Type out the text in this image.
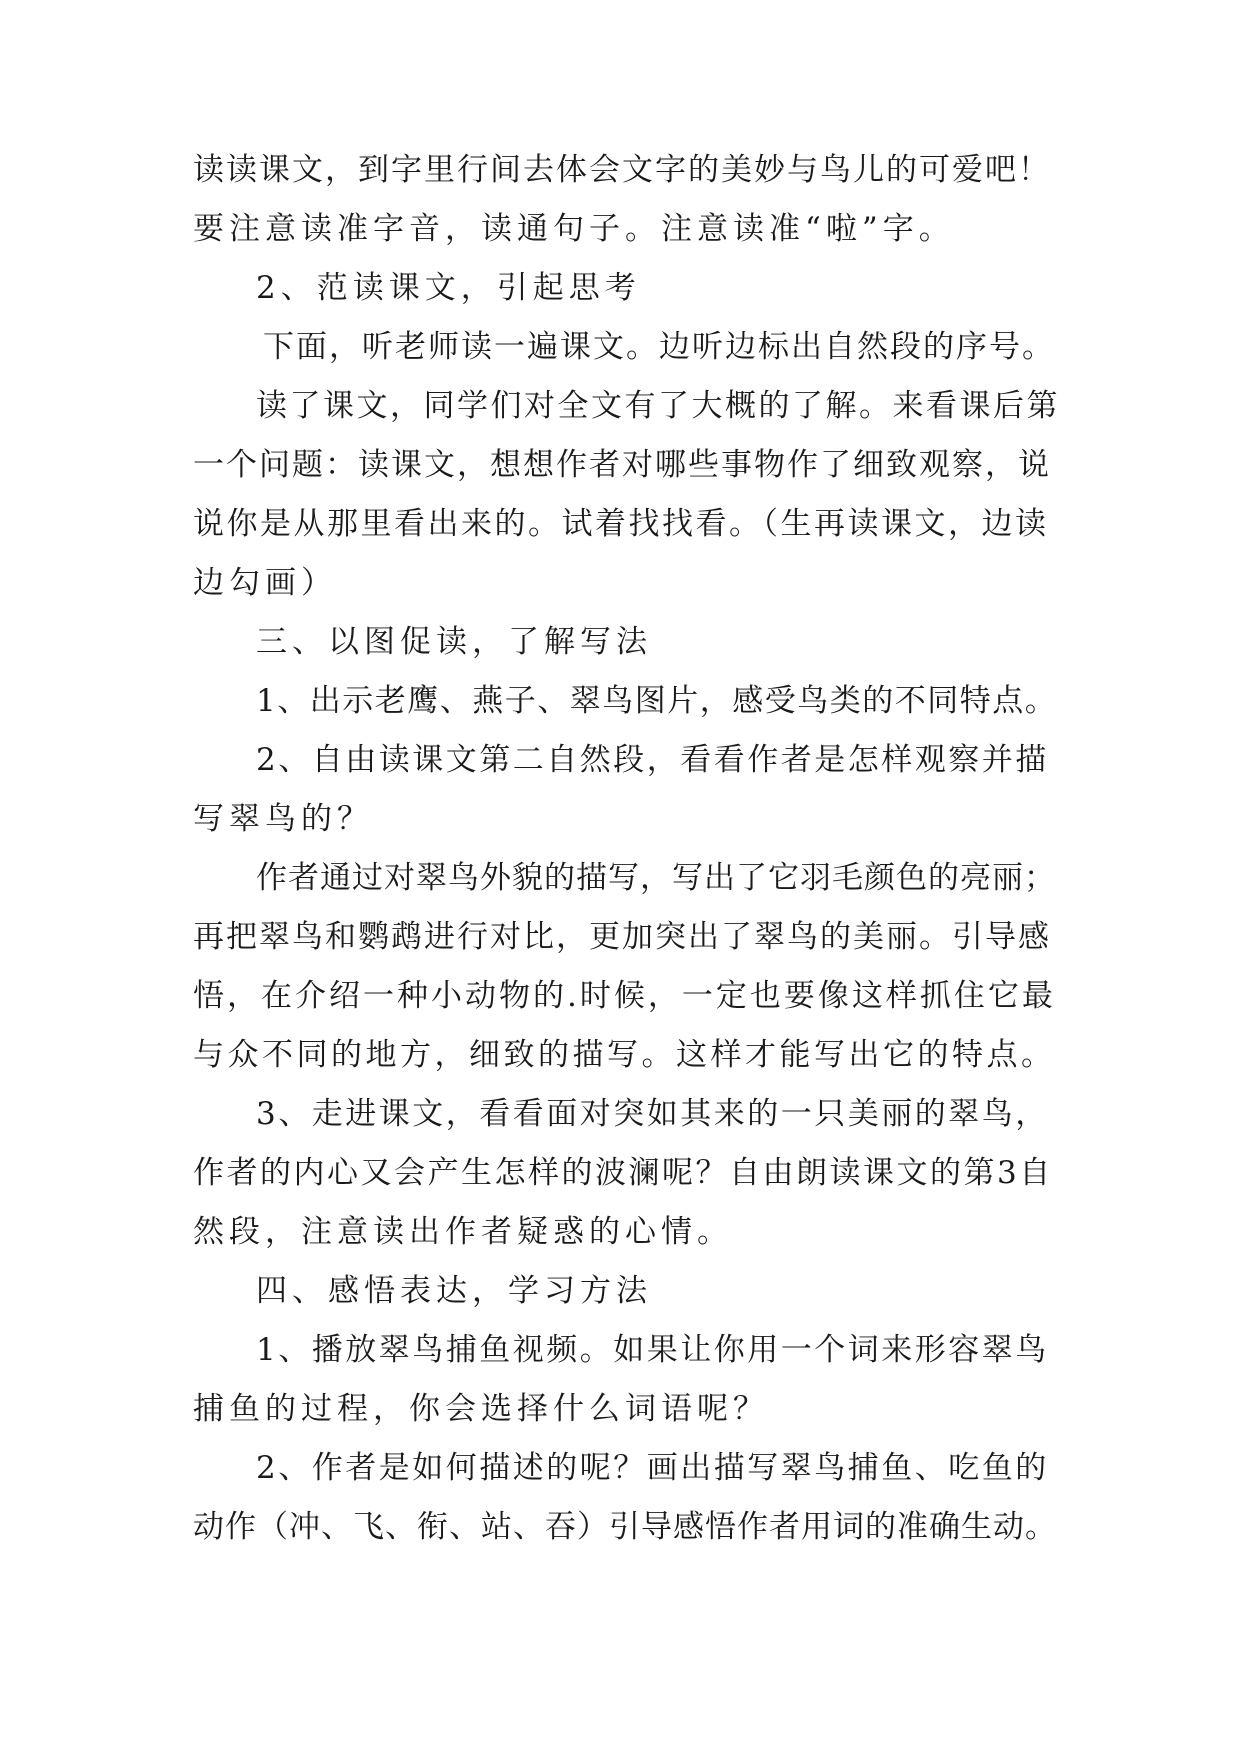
读读课文，到字里行间去体会文字的美妙与鸟儿的可爱吧！
要注意读准字音，读通句子。注意读准“啦”字。
2、范读课文，引起思考
下面，听老师读一遍课文。边听边标出自然段的序号。
读了课文，同学们对全文有了大概的了解。来看课后第
一个问题：读课文，想想作者对哪些事物作了细致观察，说
说你是从那里看出来的。试着找找看。（生再读课文，边读
边勾画）
三、以图促读，了解写法
1、出示老鹰、燕子、翠鸟图片，感受鸟类的不同特点。
2、自由读课文第二自然段，看看作者是怎样观察并描
写翠鸟的？
作者通过对翠鸟外貌的描写，写出了它羽毛颜色的亮丽；
再把翠鸟和鹦鹉进行对比，更加突出了翠鸟的美丽。引导感
悟，在介绍一种小动物的.时候，一定也要像这样抓住它最
与众不同的地方，细致的描写。这样才能写出它的特点。
3、走进课文，看看面对突如其来的一只美丽的翠鸟，
作者的内心又会产生怎样的波澜呢？自由朗读课文的第3自
然段，注意读出作者疑惑的心情。
四、感悟表达，学习方法
1、播放翠鸟捕鱼视频。如果让你用一个词来形容翠鸟
捕鱼的过程，你会选择什么词语呢？
2、作者是如何描述的呢？画出描写翠鸟捕鱼、吃鱼的
动作（冲、飞、衔、站、吞）引导感悟作者用词的准确生动。
